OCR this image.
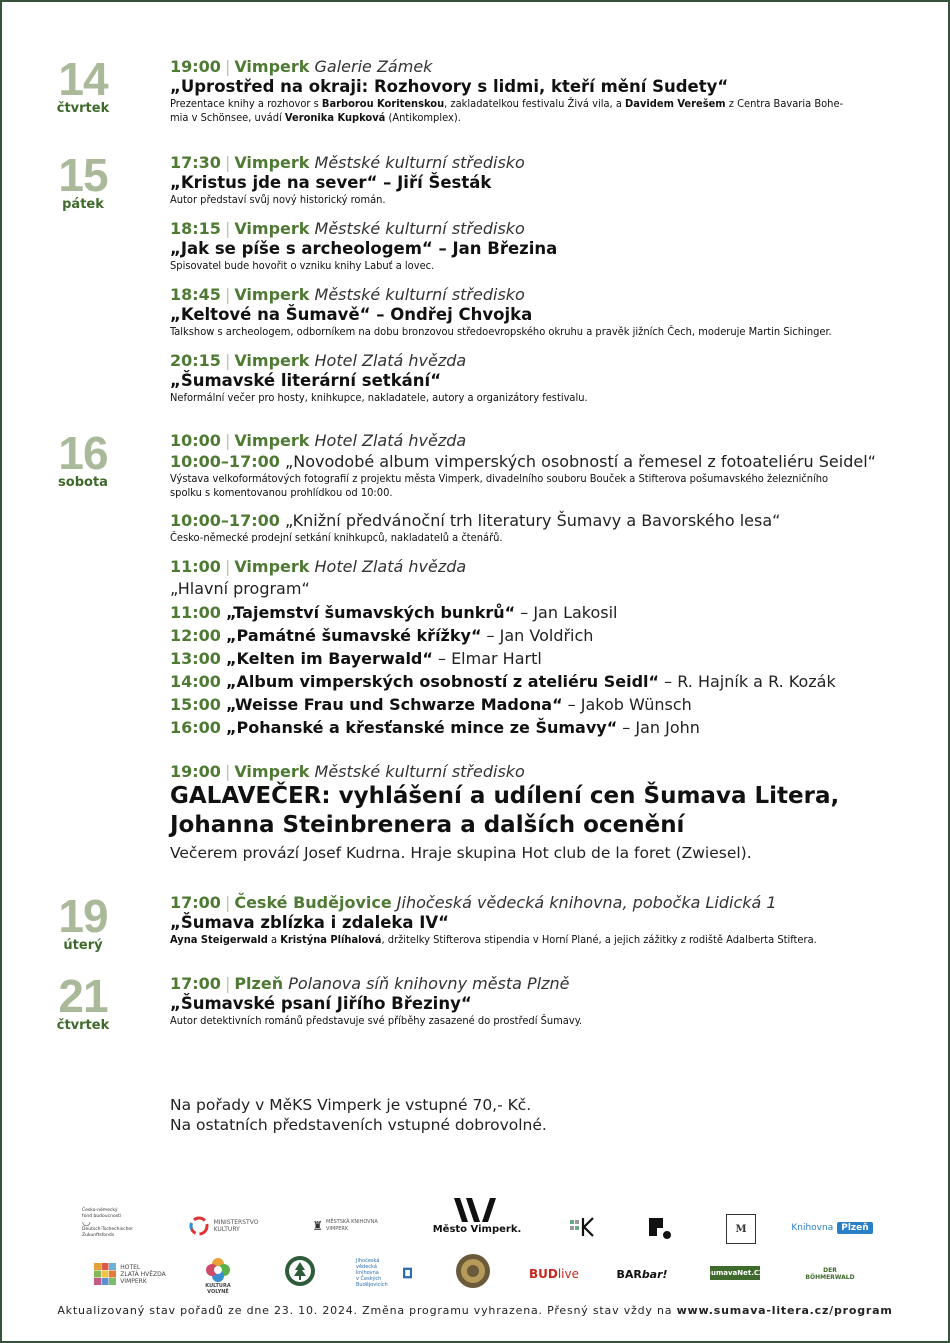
14
čtvrtek
19:00 | Vimperk Galerie Zámek
„Uprostřed na okraji: Rozhovory s lidmi, kteří mění Sudety“
Prezentace knihy a rozhovor s Barborou Koritenskou, zakladatelkou festivalu Živá vila, a Davidem Verešem z Centra Bavaria Bohe-
mia v Schönsee, uvádí Veronika Kupková (Antikomplex).
15
pátek
17:30 | Vimperk Městské kulturní středisko
„Kristus jde na sever“ – Jiří Šesták
Autor představí svůj nový historický román.
18:15 | Vimperk Městské kulturní středisko
„Jak se píše s archeologem“ – Jan Březina
Spisovatel bude hovořit o vzniku knihy Labuť a lovec.
18:45 | Vimperk Městské kulturní středisko
„Keltové na Šumavě“ – Ondřej Chvojka
Talkshow s archeologem, odborníkem na dobu bronzovou středoevropského okruhu a pravěk jižních Čech, moderuje Martin Sichinger.
20:15 | Vimperk Hotel Zlatá hvězda
„Šumavské literární setkání“
Neformální večer pro hosty, knihkupce, nakladatele, autory a organizátory festivalu.
16
sobota
10:00 | Vimperk Hotel Zlatá hvězda
10:00–17:00 „Novodobé album vimperských osobností a řemesel z fotoateliéru Seidel“
Výstava velkoformátových fotografií z projektu města Vimperk, divadelního souboru Bouček a Stifterova pošumavského železničního
spolku s komentovanou prohlídkou od 10:00.
10:00–17:00 „Knižní předvánoční trh literatury Šumavy a Bavorského lesa“
Česko-německé prodejní setkání knihkupců, nakladatelů a čtenářů.
11:00 | Vimperk Hotel Zlatá hvězda
„Hlavní program“
11:00 „Tajemství šumavských bunkrů“ – Jan Lakosil
12:00 „Památné šumavské křížky“ – Jan Voldřich
13:00 „Kelten im Bayerwald“ – Elmar Hartl
14:00 „Album vimperských osobností z ateliéru Seidl“ – R. Hajník a R. Kozák
15:00 „Weisse Frau und Schwarze Madona“ – Jakob Wünsch
16:00 „Pohanské a křesťanské mince ze Šumavy“ – Jan John
19:00 | Vimperk Městské kulturní středisko
GALAVEČER: vyhlášení a udílení cen Šumava Litera,
Johanna Steinbrenera a dalších ocenění
Večerem provází Josef Kudrna. Hraje skupina Hot club de la foret (Zwiesel).
19
úterý
17:00 | České Budějovice Jihočeská vědecká knihovna, pobočka Lidická 1
„Šumava zblízka i zdaleka IV“
Ayna Steigerwald a Kristýna Plíhalová, držitelky Stifterova stipendia v Horní Plané, a jejich zážitky z rodiště Adalberta Stiftera.
21
čtvrtek
17:00 | Plzeň Polanova síň knihovny města Plzně
„Šumavské psaní Jiřího Březiny“
Autor detektivních románů představuje své příběhy zasazené do prostředí Šumavy.
Na pořady v MěKS Vimperk je vstupné 70,- Kč.
Na ostatních představeních vstupné dobrovolné.
Česko-německý
fond budoucnosti
◡
Deutsch-Tschechischer
Zukunftsfonds
MINISTERSTVO
KULTURY	♜ MĚSTSKÁ KNIHOVNA
VIMPERK	Město Vimperk.	M	Knihovna Plzeň
HOTEL
ZLATÁ HVĚZDA
VIMPERK
KULTURA
VOLYNĚ
Jihočeská
vědecká
knihovna
v Českých Budějovicích
BUD live	BAR bar!	ŠumavaNet.CZ	DER
BÖHMERWALD
Aktualizovaný stav pořadů ze dne 23. 10. 2024. Změna programu vyhrazena. Přesný stav vždy na www.sumava-litera.cz/program
